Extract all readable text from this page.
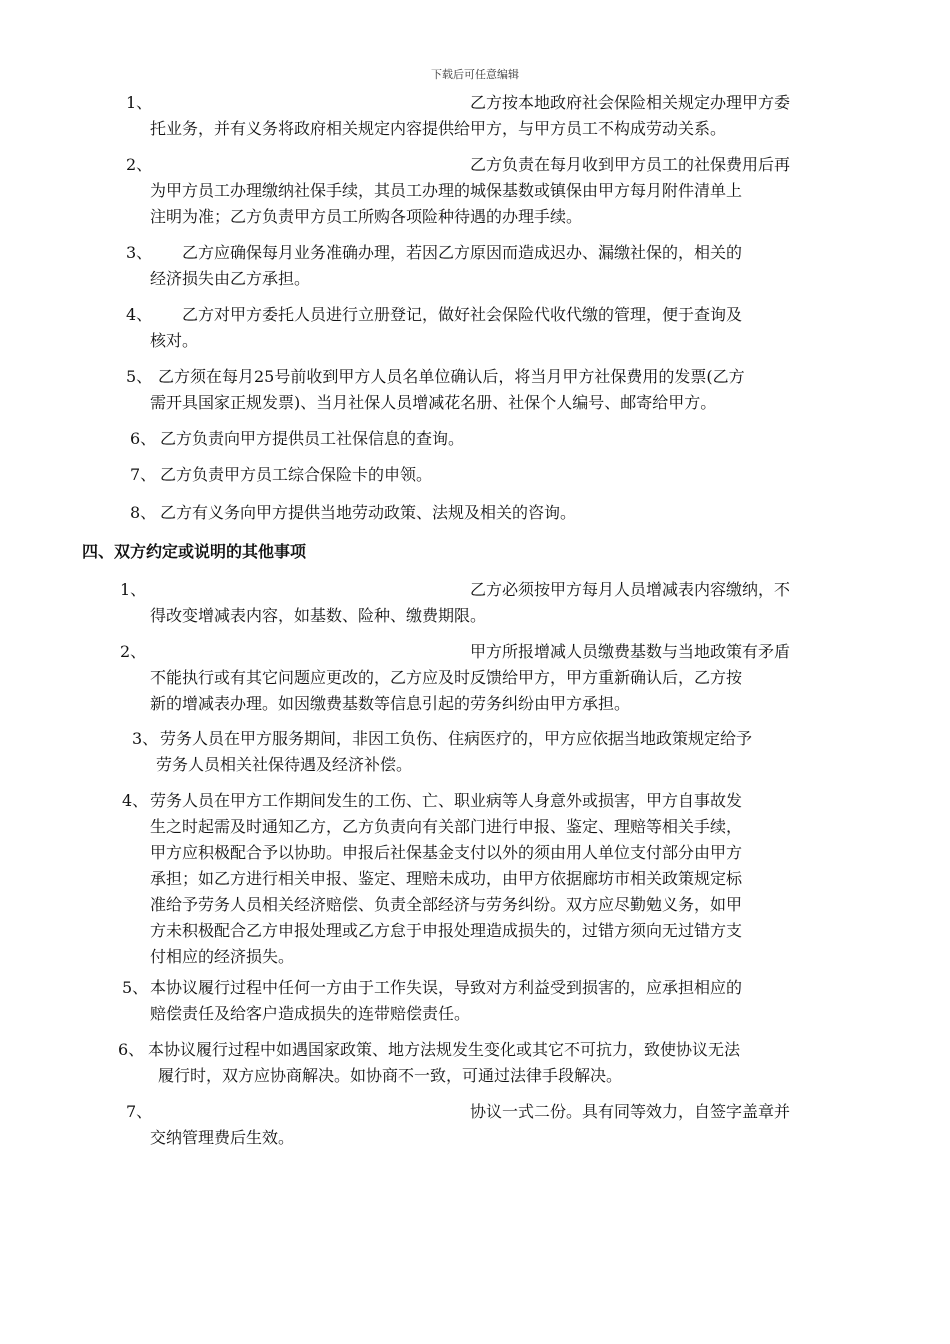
下载后可任意编辑
1、	乙方按本地政府社会保险相关规定办理甲方委
托业务，并有义务将政府相关规定内容提供给甲方，与甲方员工不构成劳动关系。
2、	乙方负责在每月收到甲方员工的社保费用后再
为甲方员工办理缴纳社保手续，其员工办理的城保基数或镇保由甲方每月附件清单上
注明为准；乙方负责甲方员工所购各项险种待遇的办理手续。
3、 乙方应确保每月业务准确办理，若因乙方原因而造成迟办、漏缴社保的，相关的
经济损失由乙方承担。
4、 乙方对甲方委托人员进行立册登记，做好社会保险代收代缴的管理，便于查询及
核对。
5、 乙方须在每月25号前收到甲方人员名单位确认后，将当月甲方社保费用的发票(乙方
需开具国家正规发票)、当月社保人员增减花名册、社保个人编号、邮寄给甲方。
6、 乙方负责向甲方提供员工社保信息的查询。
7、 乙方负责甲方员工综合保险卡的申领。
8、 乙方有义务向甲方提供当地劳动政策、法规及相关的咨询。
四、双方约定或说明的其他事项
1、	乙方必须按甲方每月人员增减表内容缴纳，不
得改变增减表内容，如基数、险种、缴费期限。
2、	甲方所报增减人员缴费基数与当地政策有矛盾
不能执行或有其它问题应更改的，乙方应及时反馈给甲方，甲方重新确认后，乙方按
新的增减表办理。如因缴费基数等信息引起的劳务纠纷由甲方承担。
3、 劳务人员在甲方服务期间，非因工负伤、住病医疗的，甲方应依据当地政策规定给予
劳务人员相关社保待遇及经济补偿。
4、 劳务人员在甲方工作期间发生的工伤、亡、职业病等人身意外或损害，甲方自事故发
生之时起需及时通知乙方，乙方负责向有关部门进行申报、鉴定、理赔等相关手续，
甲方应积极配合予以协助。申报后社保基金支付以外的须由用人单位支付部分由甲方
承担；如乙方进行相关申报、鉴定、理赔未成功，由甲方依据廊坊市相关政策规定标
准给予劳务人员相关经济赔偿、负责全部经济与劳务纠纷。双方应尽勤勉义务，如甲
方未积极配合乙方申报处理或乙方怠于申报处理造成损失的，过错方须向无过错方支
付相应的经济损失。
5、 本协议履行过程中任何一方由于工作失误，导致对方利益受到损害的，应承担相应的
赔偿责任及给客户造成损失的连带赔偿责任。
6、 本协议履行过程中如遇国家政策、地方法规发生变化或其它不可抗力，致使协议无法
履行时，双方应协商解决。如协商不一致，可通过法律手段解决。
7、	协议一式二份。具有同等效力，自签字盖章并
交纳管理费后生效。
